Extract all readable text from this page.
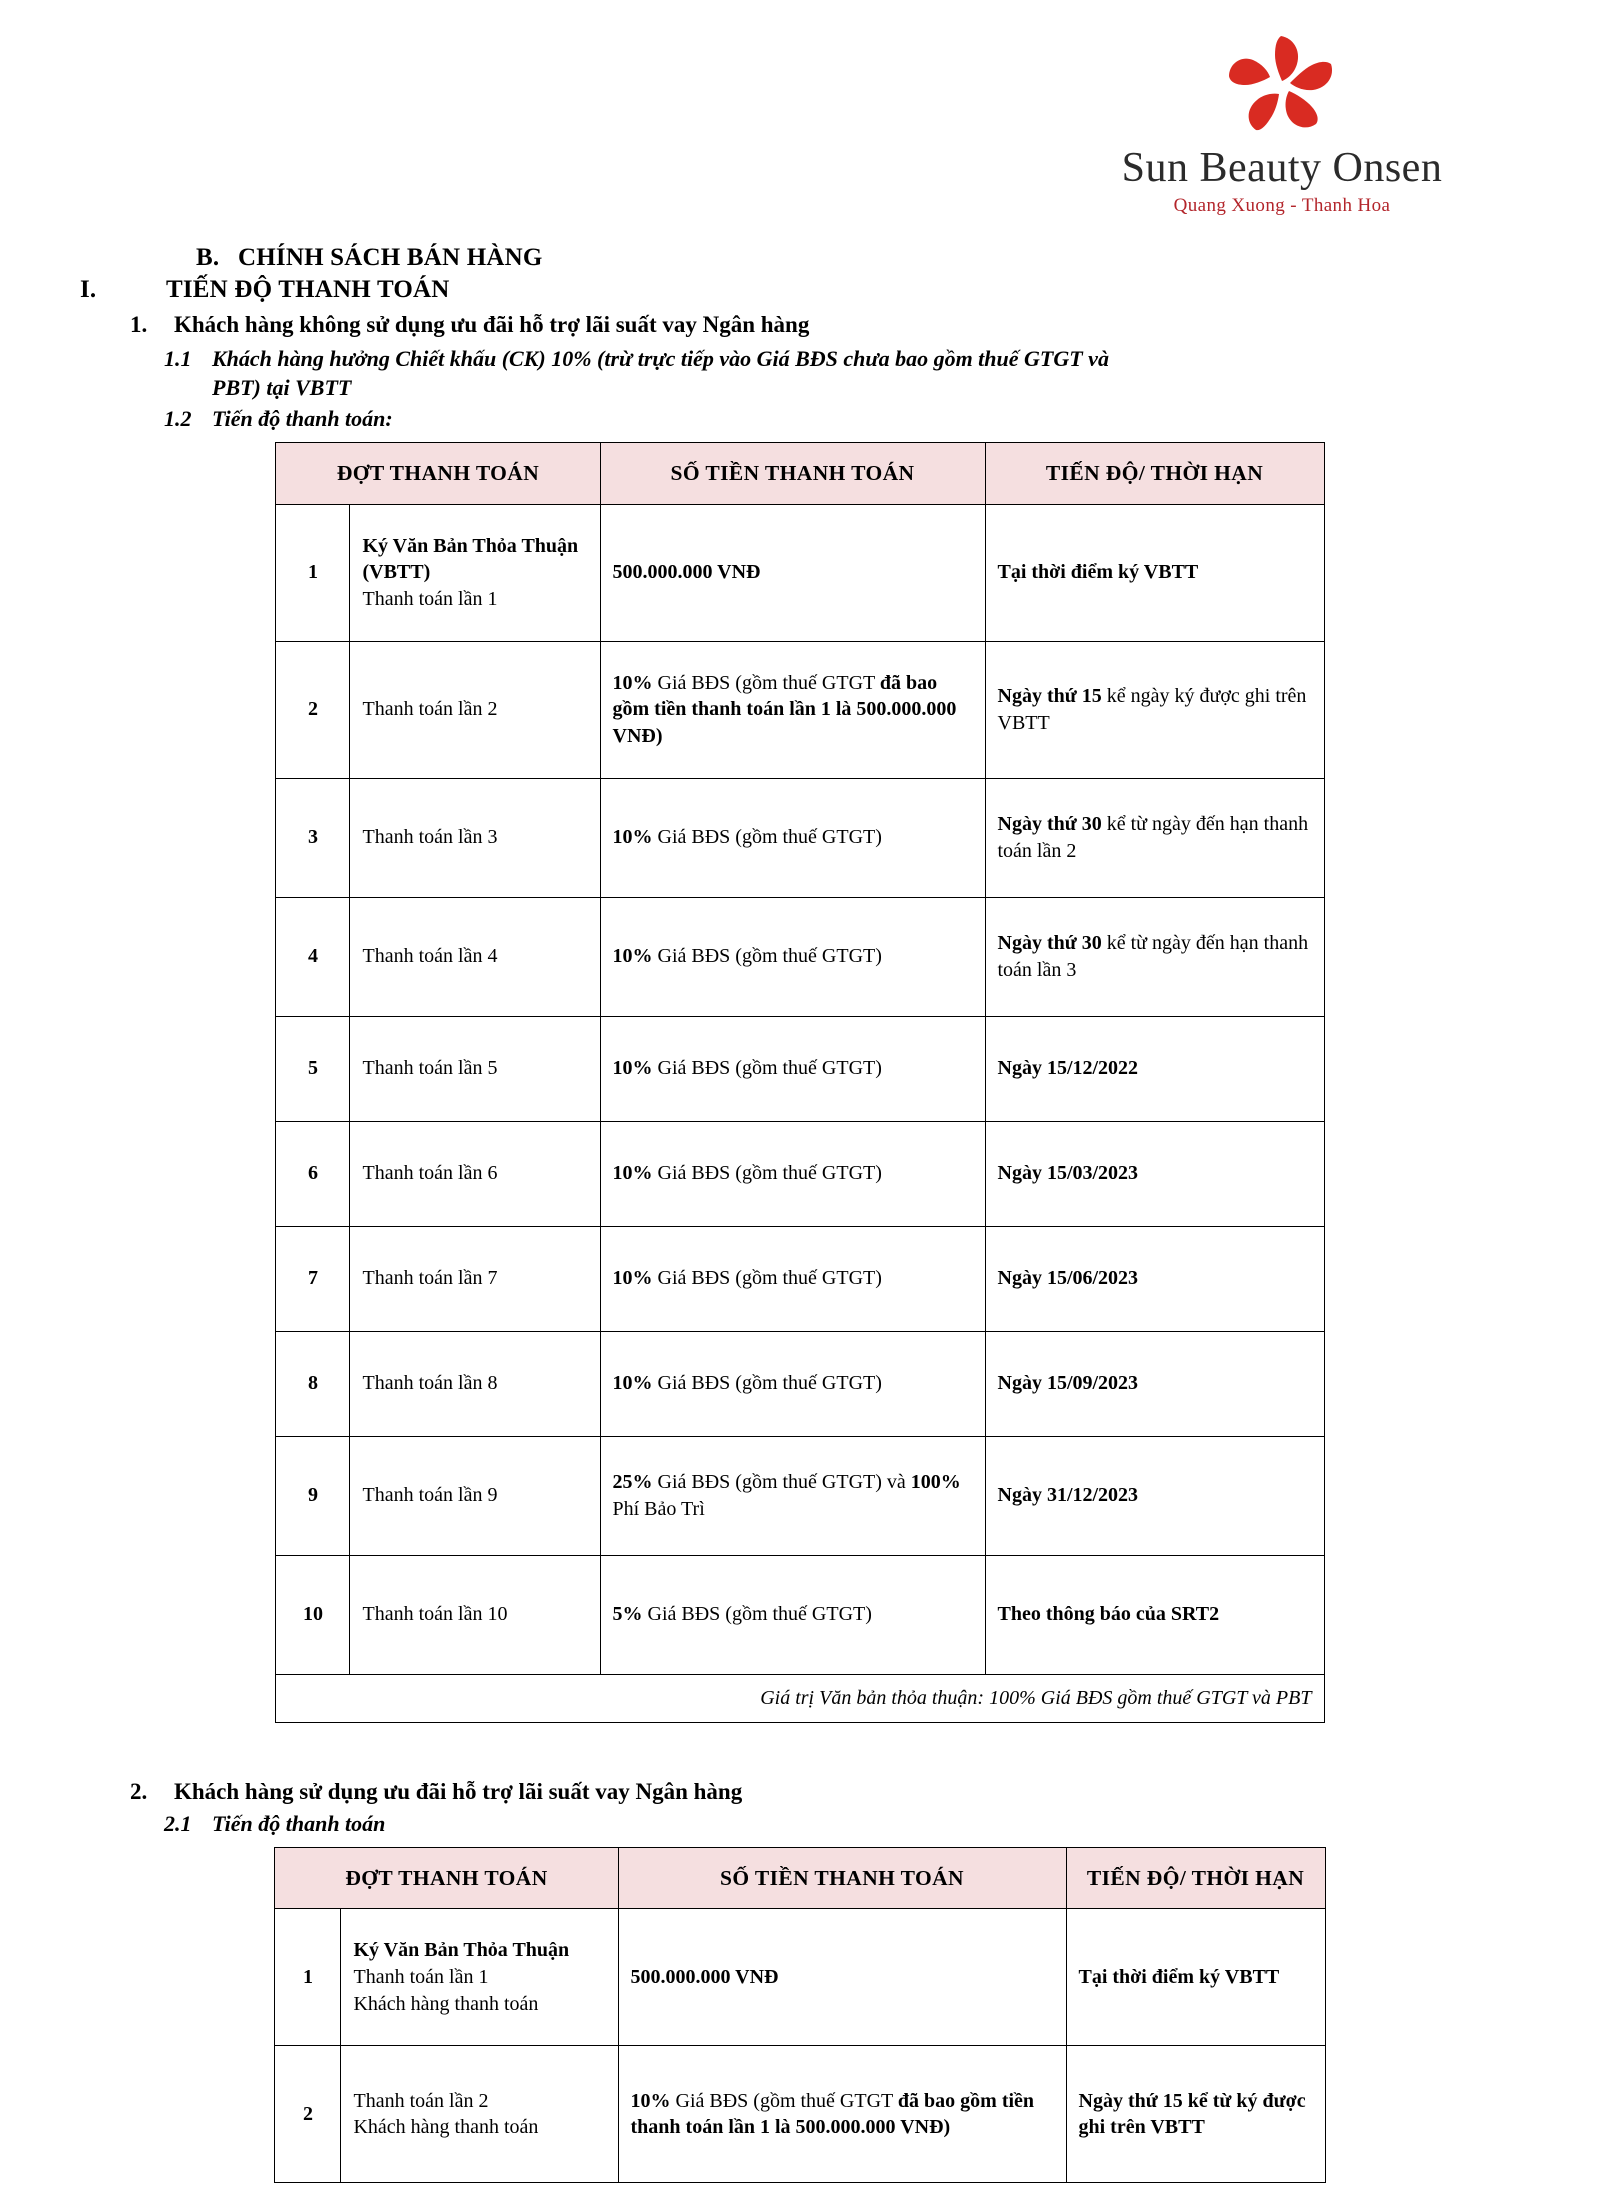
Sun Beauty Onsen
Quang Xuong - Thanh Hoa
B. CHÍNH SÁCH BÁN HÀNG
I.	TIẾN ĐỘ THANH TOÁN
1. Khách hàng không sử dụng ưu đãi hỗ trợ lãi suất vay Ngân hàng
1.1 Khách hàng hưởng Chiết khấu (CK) 10% (trừ trực tiếp vào Giá BĐS chưa bao gồm thuế GTGT và
PBT) tại VBTT
1.2 Tiến độ thanh toán:
ĐỢT THANH TOÁN		SỐ TIỀN THANH TOÁN	TIẾN ĐỘ/ THỜI HẠN
1	Ký Văn Bản Thỏa Thuận (VBTT)
Thanh toán lần 1	500.000.000 VNĐ	Tại thời điểm ký VBTT
2	Thanh toán lần 2	10% Giá BĐS (gồm thuế GTGT đã bao gồm tiền thanh toán lần 1 là 500.000.000 VNĐ)	Ngày thứ 15 kể ngày ký được ghi trên VBTT
3	Thanh toán lần 3	10% Giá BĐS (gồm thuế GTGT)	Ngày thứ 30 kể từ ngày đến hạn thanh toán lần 2
4	Thanh toán lần 4	10% Giá BĐS (gồm thuế GTGT)	Ngày thứ 30 kể từ ngày đến hạn thanh toán lần 3
5	Thanh toán lần 5	10% Giá BĐS (gồm thuế GTGT)	Ngày 15/12/2022
6	Thanh toán lần 6	10% Giá BĐS (gồm thuế GTGT)	Ngày 15/03/2023
7	Thanh toán lần 7	10% Giá BĐS (gồm thuế GTGT)	Ngày 15/06/2023
8	Thanh toán lần 8	10% Giá BĐS (gồm thuế GTGT)	Ngày 15/09/2023
9	Thanh toán lần 9	25% Giá BĐS (gồm thuế GTGT) và 100% Phí Bảo Trì	Ngày 31/12/2023
10	Thanh toán lần 10	5% Giá BĐS (gồm thuế GTGT)	Theo thông báo của SRT2
Giá trị Văn bản thỏa thuận: 100% Giá BĐS gồm thuế GTGT và PBT			
2. Khách hàng sử dụng ưu đãi hỗ trợ lãi suất vay Ngân hàng
2.1 Tiến độ thanh toán
ĐỢT THANH TOÁN		SỐ TIỀN THANH TOÁN	TIẾN ĐỘ/ THỜI HẠN
1	Ký Văn Bản Thỏa Thuận
Thanh toán lần 1
Khách hàng thanh toán	500.000.000 VNĐ	Tại thời điểm ký VBTT
2	Thanh toán lần 2
Khách hàng thanh toán	10% Giá BĐS (gồm thuế GTGT đã bao gồm tiền thanh toán lần 1 là 500.000.000 VNĐ)	Ngày thứ 15 kể từ ký được ghi trên VBTT
